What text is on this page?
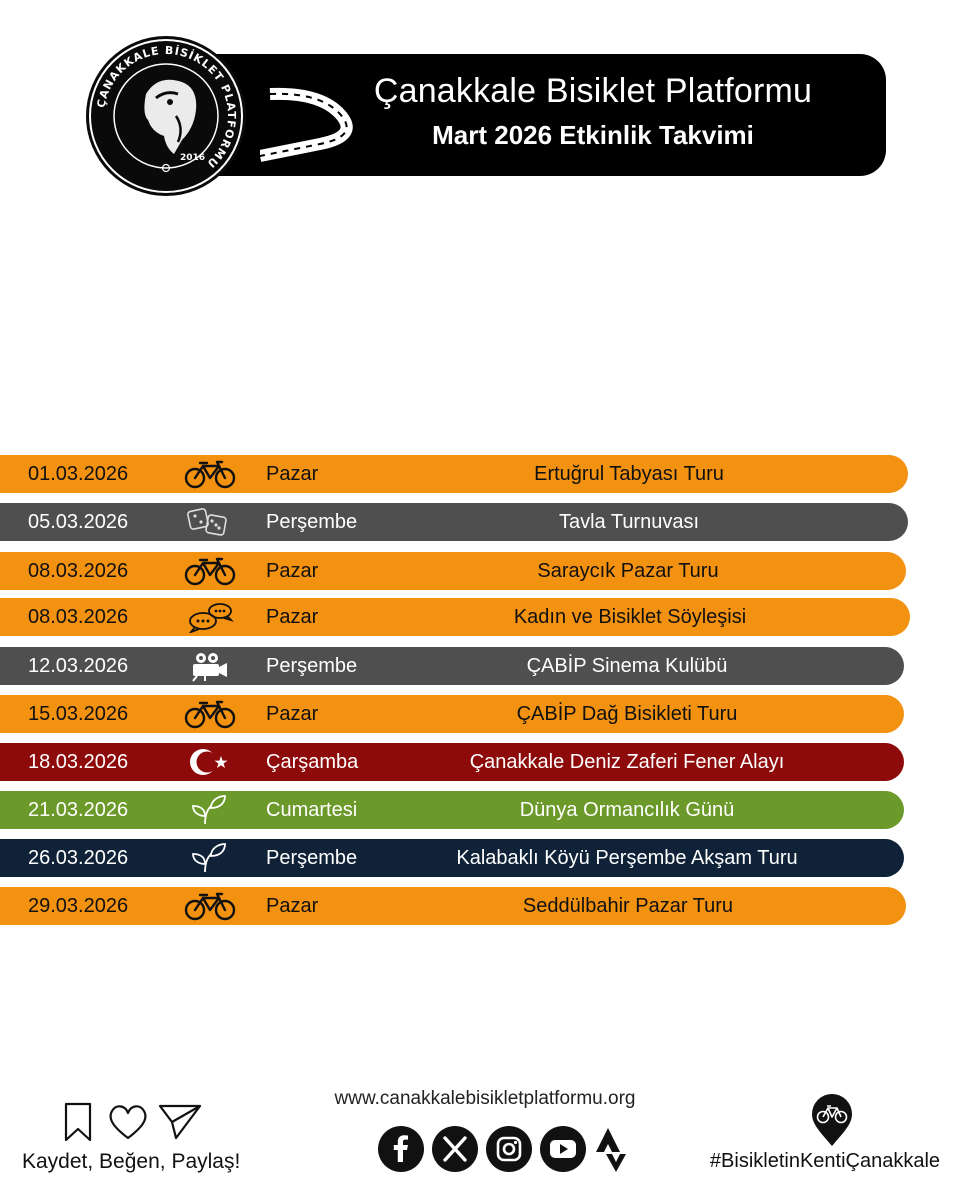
ÇANAKKALE BİSİKLET PLATFORMU
2016
Çanakkale Bisiklet Platformu
Mart 2026 Etkinlik Takvimi
01.03.2026	Pazar	Ertuğrul Tabyası Turu
05.03.2026	Perşembe	Tavla Turnuvası
08.03.2026	Pazar	Saraycık Pazar Turu
08.03.2026	Pazar	Kadın ve Bisiklet Söyleşisi
12.03.2026	Perşembe	ÇABİP Sinema Kulübü
15.03.2026	Pazar	ÇABİP Dağ Bisikleti Turu
18.03.2026	Çarşamba	Çanakkale Deniz Zaferi Fener Alayı
21.03.2026	Cumartesi	Dünya Ormancılık Günü
26.03.2026	Perşembe	Kalabaklı Köyü Perşembe Akşam Turu
29.03.2026	Pazar	Seddülbahir Pazar Turu
Kaydet, Beğen, Paylaş!
www.canakkalebisikletplatformu.org
#BisikletinKentiÇanakkale
